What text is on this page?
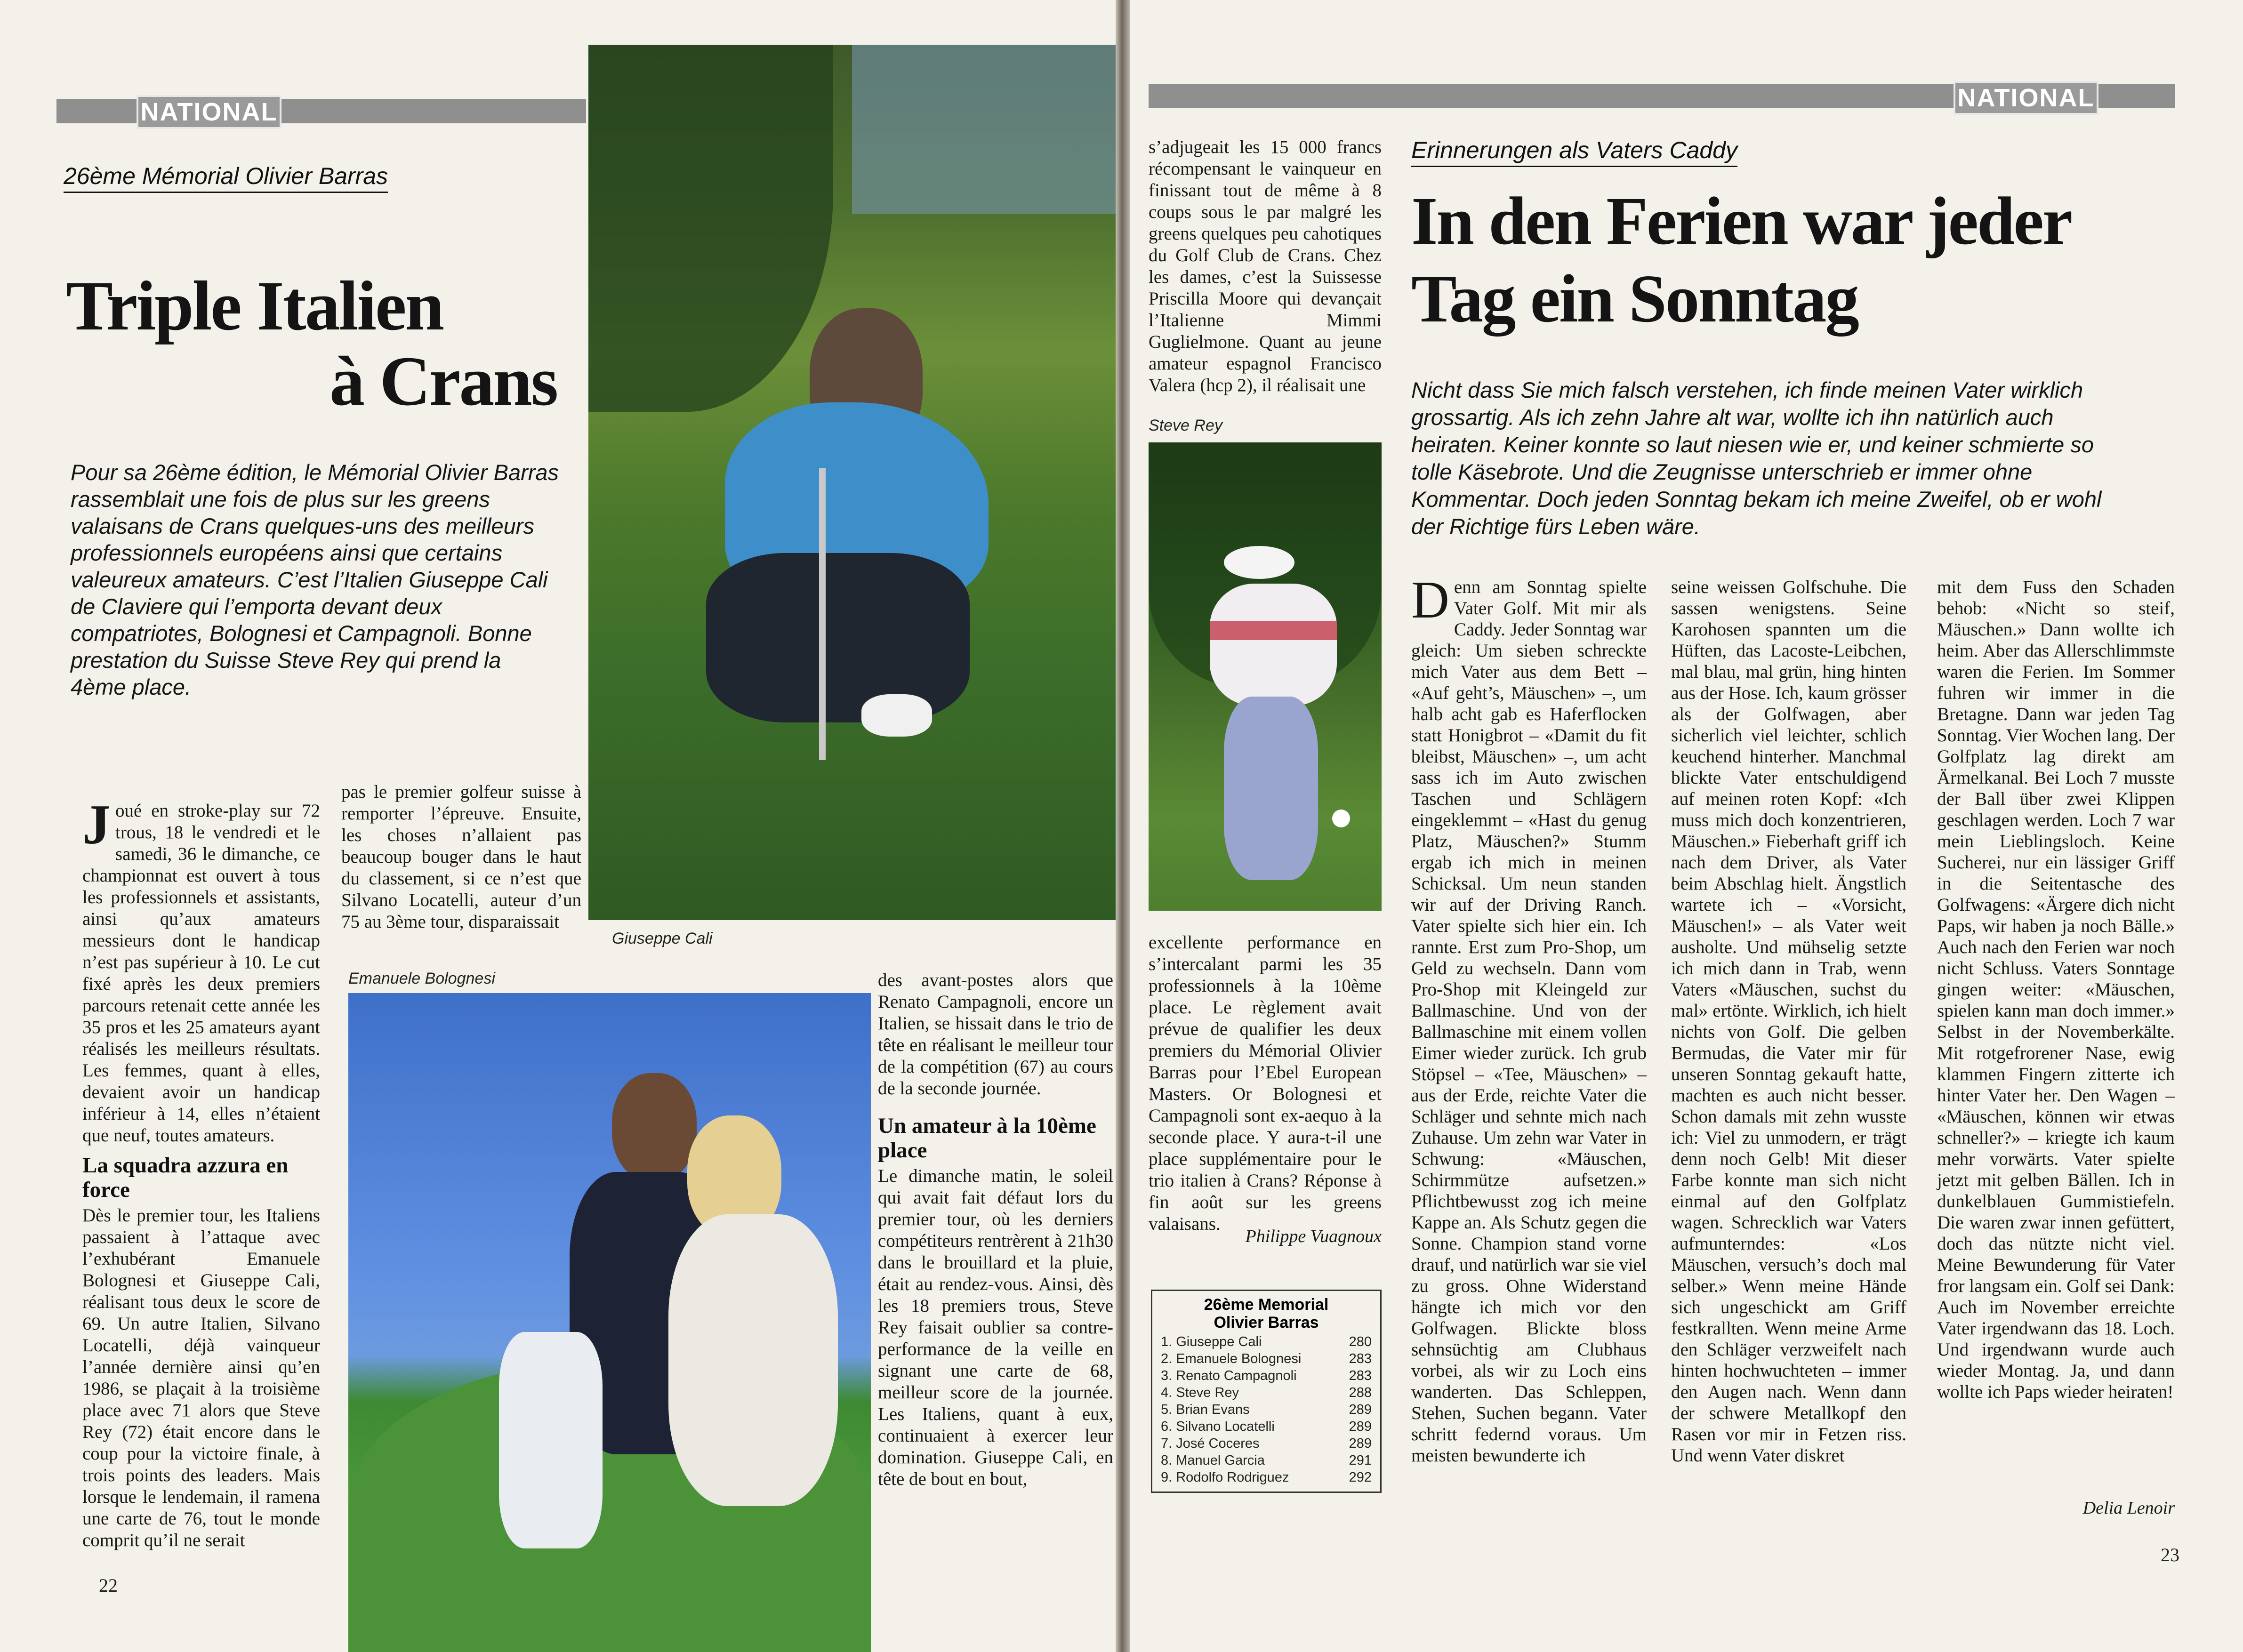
NATIONAL
26ème Mémorial Olivier Barras
Triple Italien
à Crans
Pour sa 26ème édition, le Mémorial Olivier Barras rassemblait une fois de plus sur les greens valaisans de Crans quelques-uns des meilleurs professionnels européens ainsi que certains valeureux amateurs. C’est l’Italien Giuseppe Cali de Claviere qui l’emporta devant deux compatriotes, Bolognesi et Campagnoli. Bonne prestation du Suisse Steve Rey qui prend la 4ème place.
Giuseppe Cali
Emanuele Bolognesi
Joué en stroke-play sur 72 trous, 18 le vendredi et le samedi, 36 le dimanche, ce championnat est ouvert à tous les professionnels et assistants, ainsi qu’aux amateurs messieurs dont le handicap n’est pas supérieur à 10. Le cut fixé après les deux premiers parcours retenait cette année les 35 pros et les 25 amateurs ayant réalisés les meilleurs résultats. Les femmes, quant à elles, devaient avoir un handicap inférieur à 14, elles n’étaient que neuf, toutes amateurs.
La squadra azzura en force
Dès le premier tour, les Italiens passaient à l’attaque avec l’exhubérant Emanuele Bolognesi et Giuseppe Cali, réalisant tous deux le score de 69. Un autre Italien, Silvano Locatelli, déjà vainqueur l’année dernière ainsi qu’en 1986, se plaçait à la troisième place avec 71 alors que Steve Rey (72) était encore dans le coup pour la victoire finale, à trois points des leaders. Mais lorsque le lendemain, il ramena une carte de 76, tout le monde comprit qu’il ne serait
pas le premier golfeur suisse à remporter l’épreuve. Ensuite, les choses n’allaient pas beaucoup bouger dans le haut du classement, si ce n’est que Silvano Locatelli, auteur d’un 75 au 3ème tour, disparaissait
des avant-postes alors que Renato Campagnoli, encore un Italien, se hissait dans le trio de tête en réalisant le meilleur tour de la compétition (67) au cours de la seconde journée.
Un amateur à la 10ème place
Le dimanche matin, le soleil qui avait fait défaut lors du premier tour, où les derniers compétiteurs rentrèrent à 21h30 dans le brouillard et la pluie, était au rendez-vous. Ainsi, dès les 18 premiers trous, Steve Rey faisait oublier sa contre-performance de la veille en signant une carte de 68, meilleur score de la journée. Les Italiens, quant à eux, continuaient à exercer leur domination. Giuseppe Cali, en tête de bout en bout,
22
NATIONAL
s’adjugeait les 15 000 francs récompensant le vainqueur en finissant tout de même à 8 coups sous le par malgré les greens quelques peu cahotiques du Golf Club de Crans. Chez les dames, c’est la Suissesse Priscilla Moore qui devançait l’Italienne Mimmi Guglielmone. Quant au jeune amateur espagnol Francisco Valera (hcp 2), il réalisait une
Steve Rey
excellente performance en s’intercalant parmi les 35 professionnels à la 10ème place. Le règlement avait prévue de qualifier les deux premiers du Mémorial Olivier Barras pour l’Ebel European Masters. Or Bolognesi et Campagnoli sont ex-aequo à la seconde place. Y aura-t-il une place supplémentaire pour le trio italien à Crans? Réponse à fin août sur les greens valaisans.
Philippe Vuagnoux
26ème Memorial
Olivier Barras
1. Giuseppe Cali	280
2. Emanuele Bolognesi	283
3. Renato Campagnoli	283
4. Steve Rey	288
5. Brian Evans	289
6. Silvano Locatelli	289
7. José Coceres	289
8. Manuel Garcia	291
9. Rodolfo Rodriguez	292
Erinnerungen als Vaters Caddy
In den Ferien war jeder
Tag ein Sonntag
Nicht dass Sie mich falsch verstehen, ich finde meinen Vater wirklich grossartig. Als ich zehn Jahre alt war, wollte ich ihn natürlich auch heiraten. Keiner konnte so laut niesen wie er, und keiner schmierte so tolle Käsebrote. Und die Zeugnisse unterschrieb er immer ohne Kommentar. Doch jeden Sonntag bekam ich meine Zweifel, ob er wohl der Richtige fürs Leben wäre.
Denn am Sonntag spielte Vater Golf. Mit mir als Caddy. Jeder Sonntag war gleich: Um sieben schreckte mich Vater aus dem Bett – «Auf geht’s, Mäuschen» –, um halb acht gab es Haferflocken statt Honigbrot – «Damit du fit bleibst, Mäuschen» –, um acht sass ich im Auto zwischen Taschen und Schlägern eingeklemmt – «Hast du genug Platz, Mäuschen?» Stumm ergab ich mich in meinen Schicksal. Um neun standen wir auf der Driving Ranch. Vater spielte sich hier ein. Ich rannte. Erst zum Pro-Shop, um Geld zu wechseln. Dann vom Pro-Shop mit Kleingeld zur Ballmaschine. Und von der Ballmaschine mit einem vollen Eimer wieder zurück. Ich grub Stöpsel – «Tee, Mäuschen» – aus der Erde, reichte Vater die Schläger und sehnte mich nach Zuhause. Um zehn war Vater in Schwung: «Mäuschen, Schirmmütze aufsetzen.» Pflichtbewusst zog ich meine Kappe an. Als Schutz gegen die Sonne. Champion stand vorne drauf, und natürlich war sie viel zu gross. Ohne Widerstand hängte ich mich vor den Golfwagen. Blickte bloss sehnsüchtig am Clubhaus vorbei, als wir zu Loch eins wanderten. Das Schleppen, Stehen, Suchen begann. Vater schritt federnd voraus. Um meisten bewunderte ich
seine weissen Golfschuhe. Die sassen wenigstens. Seine Karohosen spannten um die Hüften, das Lacoste-Leibchen, mal blau, mal grün, hing hinten aus der Hose. Ich, kaum grösser als der Golfwagen, aber sicherlich viel leichter, schlich keuchend hinterher. Manchmal blickte Vater entschuldigend auf meinen roten Kopf: «Ich muss mich doch konzentrieren, Mäuschen.» Fieberhaft griff ich nach dem Driver, als Vater beim Abschlag hielt. Ängstlich wartete ich – «Vorsicht, Mäuschen!» – als Vater weit ausholte. Und mühselig setzte ich mich dann in Trab, wenn Vaters «Mäuschen, suchst du mal» ertönte. Wirklich, ich hielt nichts von Golf. Die gelben Bermudas, die Vater mir für unseren Sonntag gekauft hatte, machten es auch nicht besser. Schon damals mit zehn wusste ich: Viel zu unmodern, er trägt denn noch Gelb! Mit dieser Farbe konnte man sich nicht einmal auf den Golfplatz wagen. Schrecklich war Vaters aufmunterndes: «Los Mäuschen, versuch’s doch mal selber.» Wenn meine Hände sich ungeschickt am Griff festkrallten. Wenn meine Arme den Schläger verzweifelt nach hinten hochwuchteten – immer den Augen nach. Wenn dann der schwere Metallkopf den Rasen vor mir in Fetzen riss. Und wenn Vater diskret
mit dem Fuss den Schaden behob: «Nicht so steif, Mäuschen.» Dann wollte ich heim. Aber das Allerschlimmste waren die Ferien. Im Sommer fuhren wir immer in die Bretagne. Dann war jeden Tag Sonntag. Vier Wochen lang. Der Golfplatz lag direkt am Ärmelkanal. Bei Loch 7 musste der Ball über zwei Klippen geschlagen werden. Loch 7 war mein Lieblingsloch. Keine Sucherei, nur ein lässiger Griff in die Seitentasche des Golfwagens: «Ärgere dich nicht Paps, wir haben ja noch Bälle.» Auch nach den Ferien war noch nicht Schluss. Vaters Sonntage gingen weiter: «Mäuschen, spielen kann man doch immer.» Selbst in der Novemberkälte. Mit rotgefrorener Nase, ewig klammen Fingern zitterte ich hinter Vater her. Den Wagen – «Mäuschen, können wir etwas schneller?» – kriegte ich kaum mehr vorwärts. Vater spielte jetzt mit gelben Bällen. Ich in dunkelblauen Gummistiefeln. Die waren zwar innen gefüttert, doch das nützte nicht viel. Meine Bewunderung für Vater fror langsam ein. Golf sei Dank: Auch im November erreichte Vater irgendwann das 18. Loch. Und irgendwann wurde auch wieder Montag. Ja, und dann wollte ich Paps wieder heiraten!
Delia Lenoir
23
